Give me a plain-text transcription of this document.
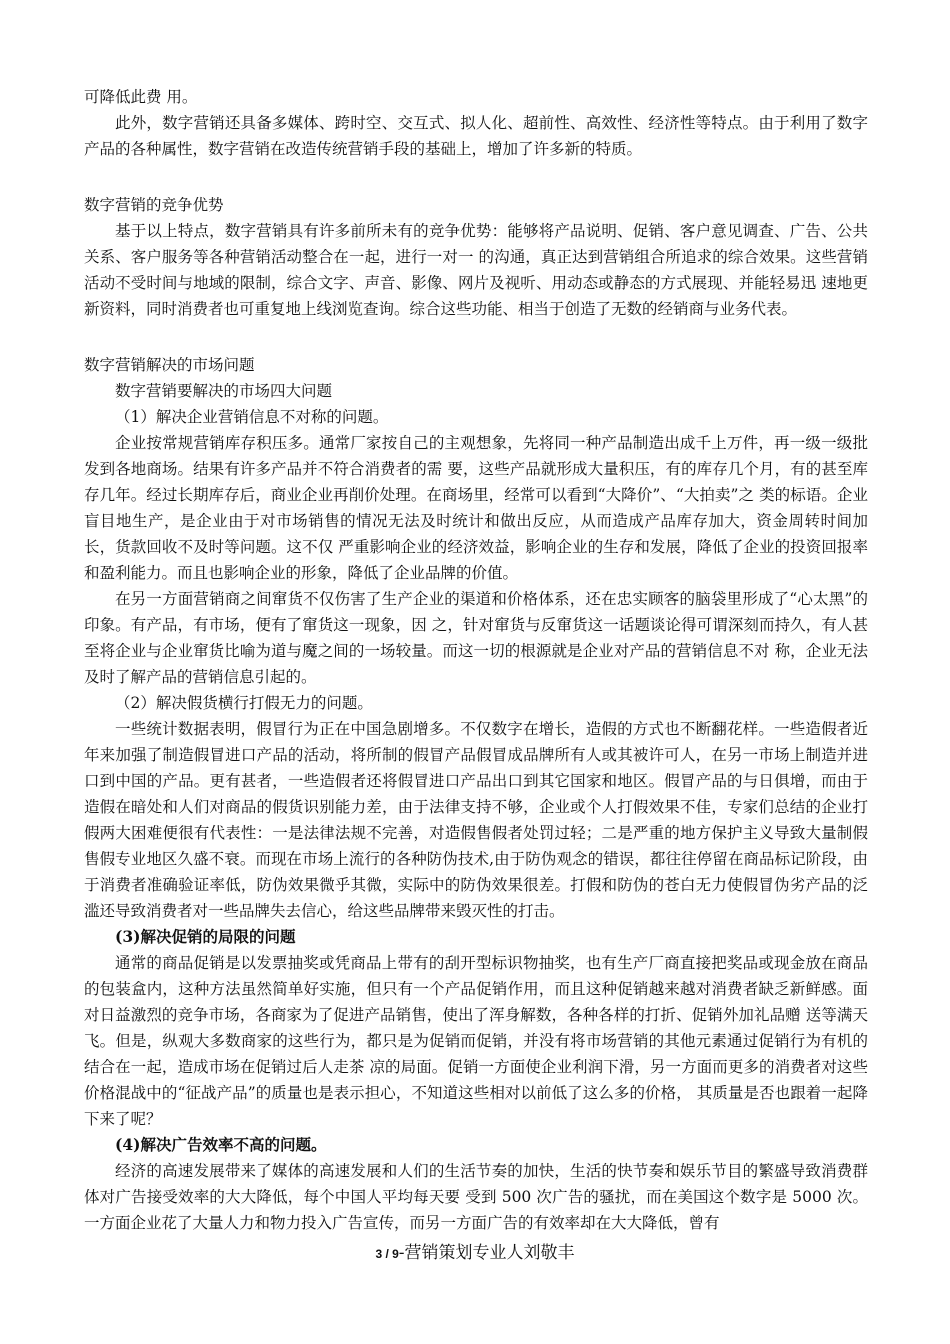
可降低此费 用。

此外，数字营销还具备多媒体、跨时空、交互式、拟人化、超前性、高效性、经济性等特点。由于利用了数字产品的各种属性，数字营销在改造传统营销手段的基础上，增加了许多新的特质。

数字营销的竞争优势

基于以上特点，数字营销具有许多前所未有的竞争优势：能够将产品说明、促销、客户意见调查、广告、公共关系、客户服务等各种营销活动整合在一起，进行一对一 的沟通，真正达到营销组合所追求的综合效果。这些营销活动不受时间与地域的限制，综合文字、声音、影像、网片及视听、用动态或静态的方式展现、并能轻易迅 速地更新资料，同时消费者也可重复地上线浏览查询。综合这些功能、相当于创造了无数的经销商与业务代表。

数字营销解决的市场问题

数字营销要解决的市场四大问题

（1）解决企业营销信息不对称的问题。

企业按常规营销库存积压多。通常厂家按自己的主观想象，先将同一种产品制造出成千上万件，再一级一级批发到各地商场。结果有许多产品并不符合消费者的需 要，这些产品就形成大量积压，有的库存几个月，有的甚至库存几年。经过长期库存后，商业企业再削价处理。在商场里，经常可以看到“大降价”、“大拍卖”之 类的标语。企业盲目地生产，是企业由于对市场销售的情况无法及时统计和做出反应，从而造成产品库存加大，资金周转时间加长，货款回收不及时等问题。这不仅 严重影响企业的经济效益，影响企业的生存和发展，降低了企业的投资回报率和盈利能力。而且也影响企业的形象，降低了企业品牌的价值。

在另一方面营销商之间窜货不仅伤害了生产企业的渠道和价格体系，还在忠实顾客的脑袋里形成了“心太黑”的印象。有产品，有市场，便有了窜货这一现象，因 之，针对窜货与反窜货这一话题谈论得可谓深刻而持久，有人甚至将企业与企业窜货比喻为道与魔之间的一场较量。而这一切的根源就是企业对产品的营销信息不对 称，企业无法及时了解产品的营销信息引起的。

（2）解决假货横行打假无力的问题。

一些统计数据表明，假冒行为正在中国急剧增多。不仅数字在增长，造假的方式也不断翻花样。一些造假者近年来加强了制造假冒进口产品的活动，将所制的假冒产品假冒成品牌所有人或其被许可人，在另一市场上制造并进口到中国的产品。更有甚者，一些造假者还将假冒进口产品出口到其它国家和地区。假冒产品的与日俱增，而由于造假在暗处和人们对商品的假货识别能力差，由于法律支持不够，企业或个人打假效果不佳，专家们总结的企业打假两大困难便很有代表性：一是法律法规不完善，对造假售假者处罚过轻；二是严重的地方保护主义导致大量制假售假专业地区久盛不衰。而现在市场上流行的各种防伪技术,由于防伪观念的错误，都往往停留在商品标记阶段，由于消费者准确验证率低，防伪效果微乎其微，实际中的防伪效果很差。打假和防伪的苍白无力使假冒伪劣产品的泛滥还导致消费者对一些品牌失去信心，给这些品牌带来毁灭性的打击。

(3)解决促销的局限的问题

通常的商品促销是以发票抽奖或凭商品上带有的刮开型标识物抽奖，也有生产厂商直接把奖品或现金放在商品的包装盒内，这种方法虽然简单好实施，但只有一个产品促销作用，而且这种促销越来越对消费者缺乏新鲜感。面对日益激烈的竞争市场，各商家为了促进产品销售，使出了浑身解数，各种各样的打折、促销外加礼品赠 送等满天飞。但是，纵观大多数商家的这些行为，都只是为促销而促销，并没有将市场营销的其他元素通过促销行为有机的结合在一起，造成市场在促销过后人走茶 凉的局面。促销一方面使企业利润下滑，另一方面而更多的消费者对这些价格混战中的“征战产品”的质量也是表示担心，不知道这些相对以前低了这么多的价格， 其质量是否也跟着一起降下来了呢？

(4)解决广告效率不高的问题。

经济的高速发展带来了媒体的高速发展和人们的生活节奏的加快，生活的快节奏和娱乐节目的繁盛导致消费群体对广告接受效率的大大降低，每个中国人平均每天要 受到 500 次广告的骚扰，而在美国这个数字是 5000 次。一方面企业花了大量人力和物力投入广告宣传，而另一方面广告的有效率却在大大降低，曾有

3 / 9-营销策划专业人刘敬丰
